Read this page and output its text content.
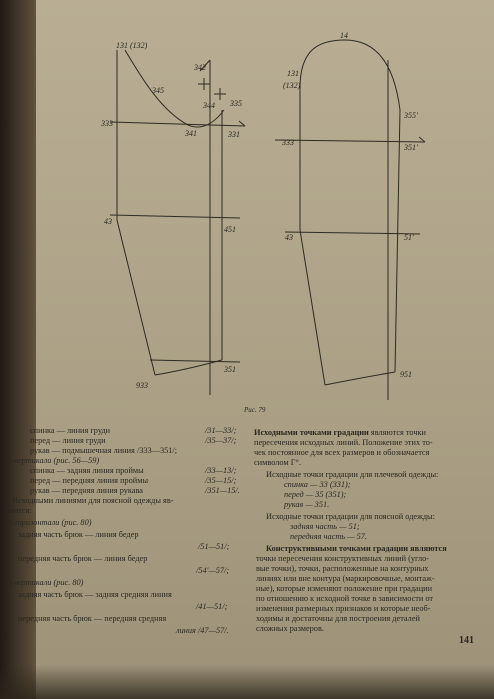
131 (132)
342
345
344 335
333
341	331
43
451
933
351
14
131
(132)
355'
333
351'
43	51'
951
Рис. 79
спинка — линия груди	/31—33/;
перед — линия груди	/35—37/;
рукав — подмышечная линия /333—351/;
по вертикали (рис. 56—59)
спинка — задняя линия проймы	/33—13/;
перед — передняя линия проймы	/35—15/;
рукав — передняя линия рукава	/351—15/.
Исходными линиями для поясной одежды яв-
ляются:
по горизонтали (рис. 80)
задняя часть брюк — линия бедер
/51—51/;
передняя часть брюк — линия бедер
/54'—57/;
по вертикали (рис. 80)
задняя часть брюк — задняя средняя линия
/41—51/;
передняя часть брюк — передняя средняя
линия /47—57/.
Исходными точками градации являются точки
пересечения исходных линий. Положение этих то-
чек постоянное для всех размеров и обозначается
символом Г°.
Исходные точки градации для плечевой одежды:
спинка — 33 (331);
перед — 35 (351);
рукав — 351.
Исходные точки градации для поясной одежды:
задняя часть — 51;
передняя часть — 57.
Конструктивными точками градации являются
точки пересечения конструктивных линий (угло-
вые точки), точки, расположенные на контурных
линиях или вне контура (маркировочные, монтаж-
ные), которые изменяют положение при градации
по отношению к исходной точке в зависимости от
изменения размерных признаков и которые необ-
ходимы и достаточны для построения деталей
сложных размеров.
141
